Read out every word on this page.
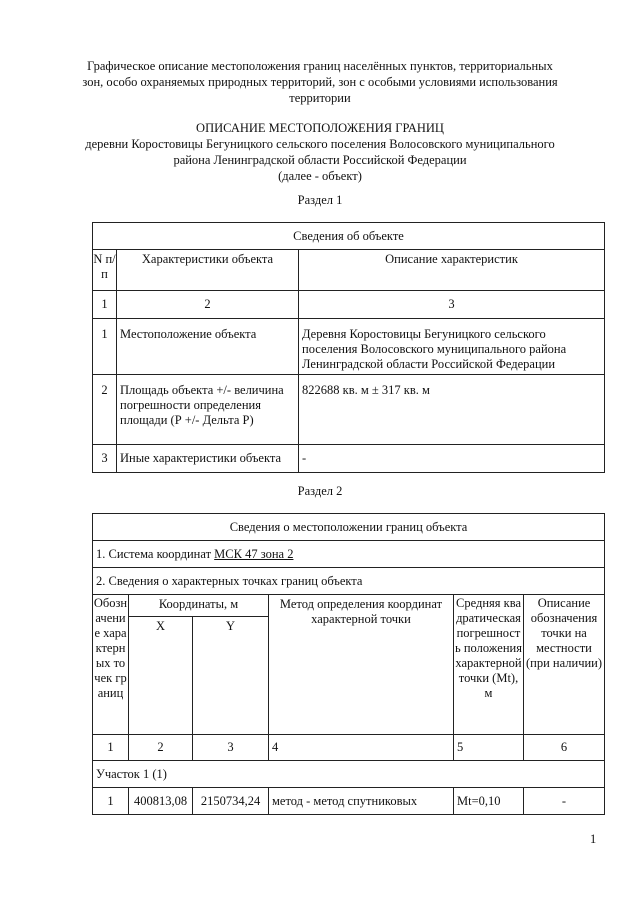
Графическое описание местоположения границ населённых пунктов, территориальных
зон, особо охраняемых природных территорий, зон с особыми условиями использования
территории
ОПИСАНИЕ МЕСТОПОЛОЖЕНИЯ ГРАНИЦ
деревни Коростовицы Бегуницкого сельского поселения Волосовского муниципального
района Ленинградской области Российской Федерации
(далее - объект)
Раздел 1
Сведения об объекте		
N п/п	Характеристики объекта	Описание характеристик
1	2	3
1	Местоположение объекта	Деревня Коростовицы Бегуницкого сельского поселения Волосовского муниципального района Ленинградской области Российской Федерации
2	Площадь объекта +/- величина погрешности определения площади (Р +/- Дельта Р)	822688 кв. м ± 317 кв. м
3	Иные характеристики объекта	-
Раздел 2
Сведения о местоположении границ объекта					
1. Система координат МСК 47 зона 2					
2. Сведения о характерных точках границ объекта					
Обозначение характерных точек границ	Координаты, м		Метод определения координат характерной точки	Средняя квадратическая погрешность положения характерной точки (Mt), м	Описание обозначения точки на местности (при наличии)
	X	Y			
1	2	3	4	5	6
Участок 1 (1)					
1	400813,08	2150734,24	метод - метод спутниковых	Mt=0,10	-
1
